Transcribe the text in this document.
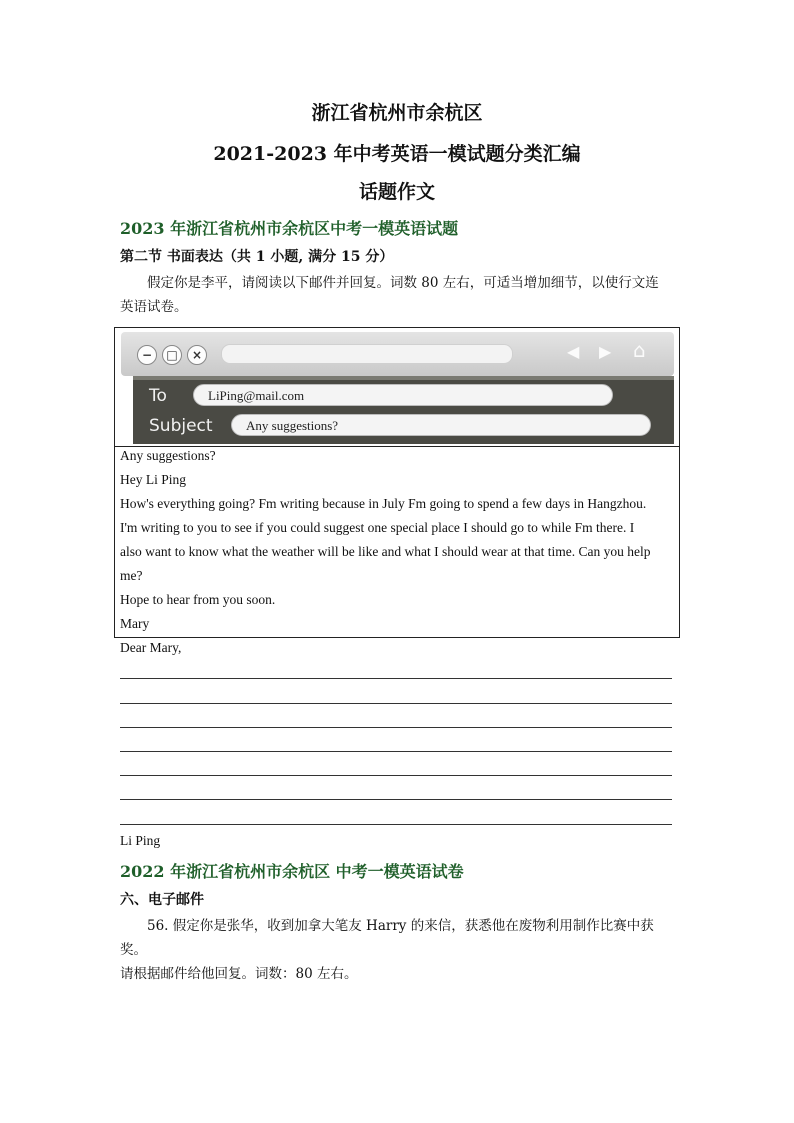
浙江省杭州市余杭区
2021-2023 年中考英语一模试题分类汇编
话题作文
2023 年浙江省杭州市余杭区中考一模英语试题
第二节 书面表达（共 1 小题, 满分 15 分）
　　假定你是李平，请阅读以下邮件并回复。词数 80 左右，可适当增加细节，以使行文连
英语试卷。
−	□	×	◀ ▶ ⌂
To	LiPing@mail.com
Subject	Any suggestions?
Any suggestions?
Hey Li Ping
How's everything going? Fm writing because in July Fm going to spend a few days in Hangzhou.
I'm writing to you to see if you could suggest one special place I should go to while Fm there. I
also want to know what the weather will be like and what I should wear at that time. Can you help
me?
Hope to hear from you soon.
Mary
Dear Mary,
Li Ping
2022 年浙江省杭州市余杭区 中考一模英语试卷
六、电子邮件
　　56. 假定你是张华，收到加拿大笔友 Harry 的来信，获悉他在废物利用制作比赛中获奖。
请根据邮件给他回复。词数：80 左右。
